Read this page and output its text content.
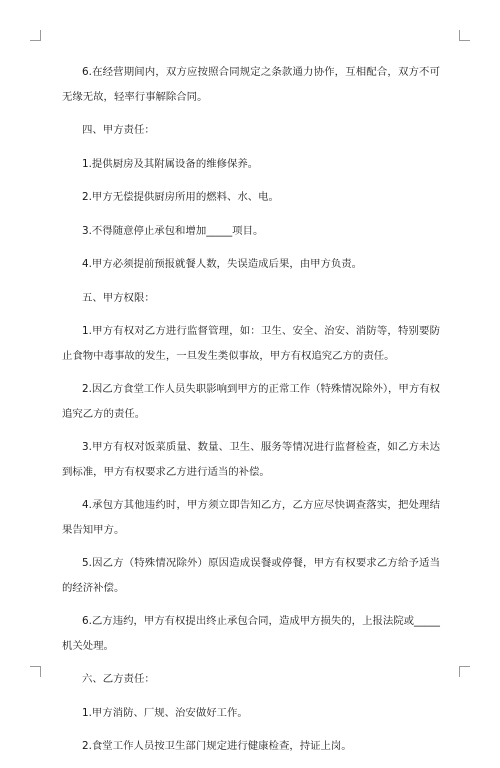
6.在经营期间内，双方应按照合同规定之条款通力协作，互相配合，双方不可无缘无故，轻率行事解除合同。

四、甲方责任：

1.提供厨房及其附属设备的维修保养。

2.甲方无偿提供厨房所用的燃料、水、电。

3.不得随意停止承包和增加_____项目。

4.甲方必须提前预报就餐人数，失误造成后果，由甲方负责。

五、甲方权限：

1.甲方有权对乙方进行监督管理，如：卫生、安全、治安、消防等，特别要防止食物中毒事故的发生，一旦发生类似事故，甲方有权追究乙方的责任。

2.因乙方食堂工作人员失职影响到甲方的正常工作（特殊情况除外），甲方有权追究乙方的责任。

3.甲方有权对饭菜质量、数量、卫生、服务等情况进行监督检查，如乙方未达到标准，甲方有权要求乙方进行适当的补偿。

4.承包方其他违约时，甲方须立即告知乙方，乙方应尽快调查落实，把处理结果告知甲方。

5.因乙方（特殊情况除外）原因造成误餐或停餐，甲方有权要求乙方给予适当的经济补偿。

6.乙方违约，甲方有权提出终止承包合同，造成甲方损失的，上报法院或_____机关处理。

六、乙方责任：

1.甲方消防、厂规、治安做好工作。

2.食堂工作人员按卫生部门规定进行健康检查，持证上岗。
